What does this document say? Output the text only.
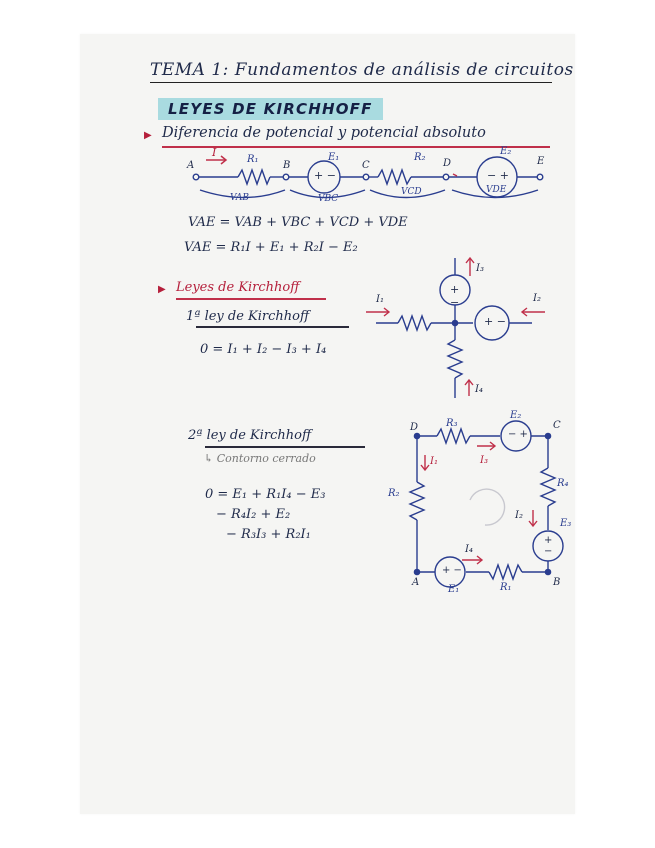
TEMA 1: Fundamentos de análisis de circuitos
LEYES DE KIRCHHOFF
▶ Diferencia de potencial y potencial absoluto
A	B	C	D	E
I
R₁	E₁	R₂
E₂
+ −	− +
VAB	VBC
VCD	VDE
VAE = VAB + VBC + VCD + VDE
VAE = R₁I + E₁ + R₂I − E₂
▶ Leyes de Kirchhoff
1ª ley de Kirchhoff
0 = I₁ + I₂ − I₃ + I₄
+
−
+ −
I₁	I₂
I₃
I₄
2ª ley de Kirchhoff
↳ Contorno cerrado
0 = E₁ + R₁I₄ − E₃
− R₄I₂ + E₂
− R₃I₃ + R₂I₁
D	C
B
A
R₃
E₂
R₄
E₃
R₁
E₁
R₂
− +
+
−
+ −
I₁	I₃
I₂
I₄
